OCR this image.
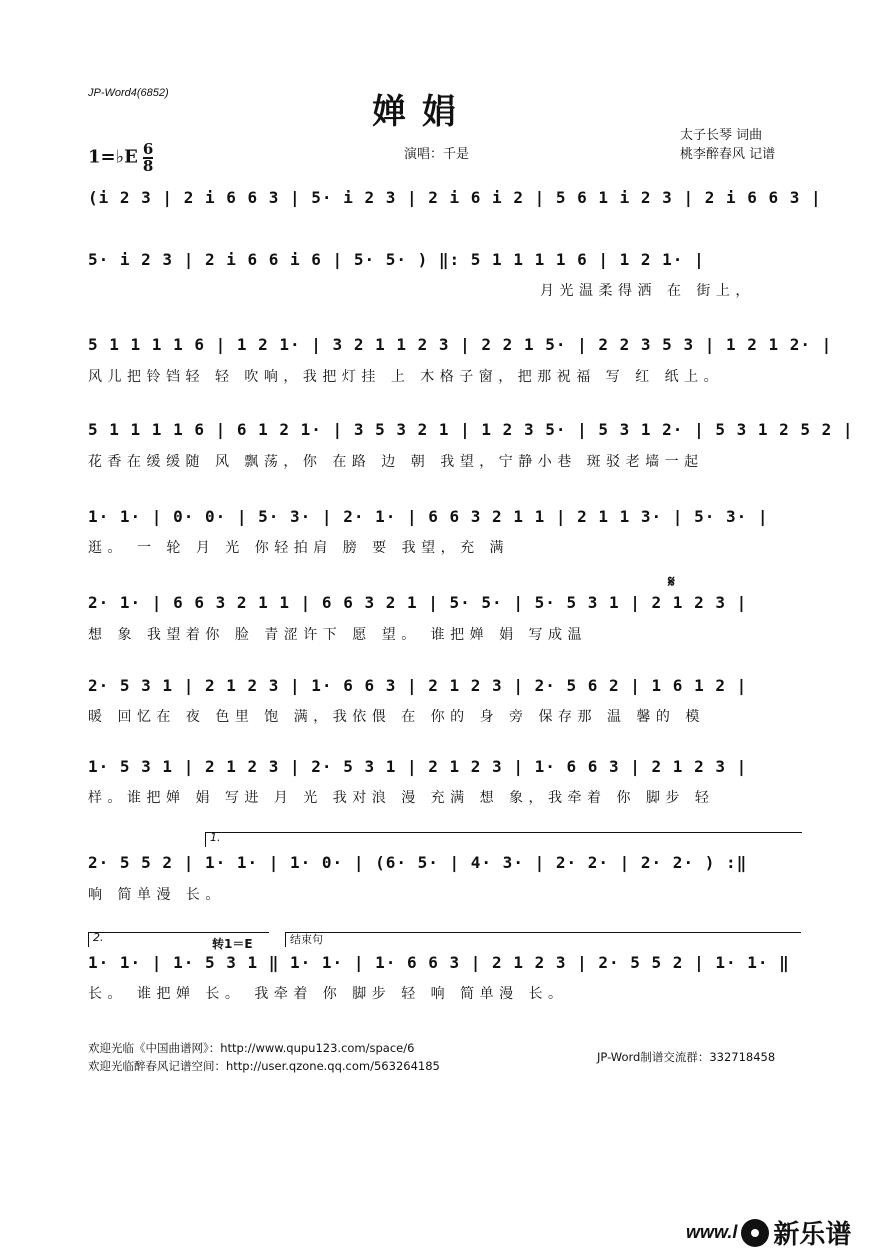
JP-Word4(6852)	婵 娟
太子长琴 词曲
桃李醉春风 记谱
1=♭E $\frac{6}{8}$	演唱：千是
(i 2 3 | 2 i 6 6 3 | 5· i 2 3 | 2 i 6 i 2 | 5 6 1 i 2 3 | 2 i 6 6 3 |
5· i 2 3 | 2 i 6 6 i 6 | 5· 5· ) ‖: 5 1 1 1 1 6 | 1 2 1· |
月光温柔得洒 在 街上，
5 1 1 1 1 6 | 1 2 1· | 3 2 1 1 2 3 | 2 2 1 5· | 2 2 3 5 3 | 1 2 1 2· |
风儿把铃铛轻 轻 吹响，我把灯挂 上 木格子窗，把那祝福 写 红 纸上。
5 1 1 1 1 6 | 6 1 2 1· | 3 5 3 2 1 | 1 2 3 5· | 5 3 1 2· | 5 3 1 2 5 2 |
花香在缓缓随 风 飘荡，你 在路 边 朝 我望，宁静小巷 斑驳老墙一起
1· 1· | 0· 0· | 5· 3· | 2· 1· | 6 6 3 2 1 1 | 2 1 1 3· | 5· 3· |
逛。 一 轮 月 光 你轻拍肩 膀 要 我望，充 满
𝄋
2· 1· | 6 6 3 2 1 1 | 6 6 3 2 1 | 5· 5· | 5· 5 3 1 | 2 1 2 3 |
想 象 我望着你 脸 青涩许下 愿 望。 谁把婵 娟 写成温
2· 5 3 1 | 2 1 2 3 | 1· 6 6 3 | 2 1 2 3 | 2· 5 6 2 | 1 6 1 2 |
暖 回忆在 夜 色里 饱 满，我依偎 在 你的 身 旁 保存那 温 馨的 模
1· 5 3 1 | 2 1 2 3 | 2· 5 3 1 | 2 1 2 3 | 1· 6 6 3 | 2 1 2 3 |
样。谁把婵 娟 写进 月 光 我对浪 漫 充满 想 象，我牵着 你 脚步 轻
1.
2· 5 5 2 | 1· 1· | 1· 0· | (6· 5· | 4· 3· | 2· 2· | 2· 2· ) :‖
响 简单漫 长。
2.	转1＝E	结束句
1· 1· | 1· 5 3 1 ‖ 1· 1· | 1· 6 6 3 | 2 1 2 3 | 2· 5 5 2 | 1· 1· ‖
长。 谁把婵 长。 我牵着 你 脚步 轻 响 简单漫 长。
欢迎光临《中国曲谱网》：http://www.qupu123.com/space/6
欢迎光临醉春风记谱空间：http://user.qzone.qq.com/563264185
JP-Word制谱交流群：332718458
www.l 新乐谱
